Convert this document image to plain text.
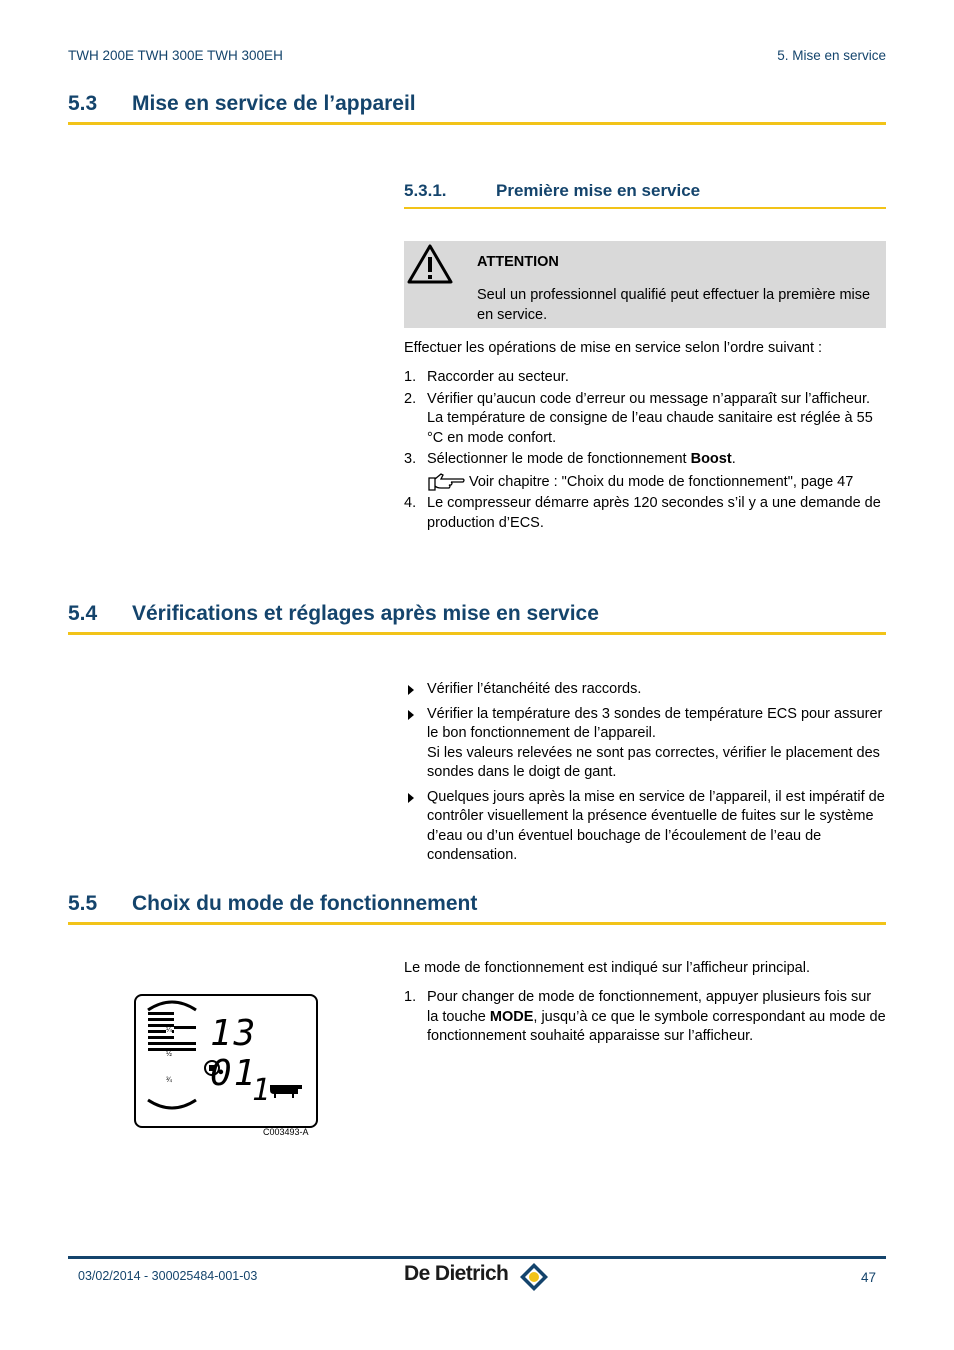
TWH 200E TWH 300E TWH 300EH	5. Mise en service
5.3 Mise en service de l’appareil
5.3.1.	Première mise en service
ATTENTION
Seul un professionnel qualifié peut effectuer la première mise en service.
Effectuer les opérations de mise en service selon l’ordre suivant :
1. Raccorder au secteur.
2. Vérifier qu’aucun code d’erreur ou message n’apparaît sur l’afficheur.
La température de consigne de l’eau chaude sanitaire est réglée à 55 °C en mode confort.
3. Sélectionner le mode de fonctionnement Boost.
Voir chapitre : "Choix du mode de fonctionnement", page 47
4. Le compresseur démarre après 120 secondes s’il y a une demande de production d’ECS.
5.4 Vérifications et réglages après mise en service
Vérifier l’étanchéité des raccords.
Vérifier la température des 3 sondes de température ECS pour assurer le bon fonctionnement de l’appareil.
Si les valeurs relevées ne sont pas correctes, vérifier le placement des sondes dans le doigt de gant.
Quelques jours après la mise en service de l’appareil, il est impératif de contrôler visuellement la présence éventuelle de fuites sur le système d’eau ou d’un éventuel bouchage de l’écoulement de l’eau de condensation.
5.5 Choix du mode de fonctionnement
Le mode de fonctionnement est indiqué sur l’afficheur principal.
1. Pour changer de mode de fonctionnement, appuyer plusieurs fois sur la touche MODE, jusqu’à ce que le symbole correspondant au mode de fonctionnement souhaité apparaisse sur l’afficheur.
¼
½
¾
13 01
1
C003493-A
03/02/2014 - 300025484-001-03	De Dietrich	47
